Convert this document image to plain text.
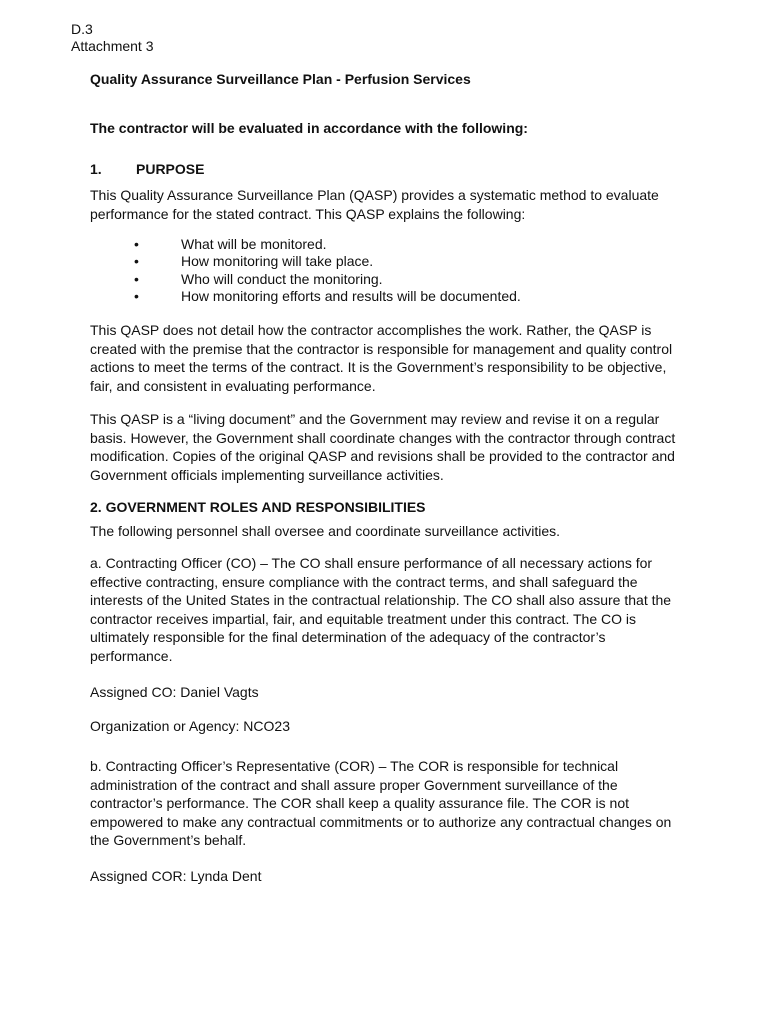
D.3
Attachment 3
Quality Assurance Surveillance Plan - Perfusion Services
The contractor will be evaluated in accordance with the following:
1. PURPOSE
This Quality Assurance Surveillance Plan (QASP) provides a systematic method to evaluate
performance for the stated contract. This QASP explains the following:
•	What will be monitored.
•	How monitoring will take place.
•	Who will conduct the monitoring.
•	How monitoring efforts and results will be documented.
This QASP does not detail how the contractor accomplishes the work. Rather, the QASP is
created with the premise that the contractor is responsible for management and quality control
actions to meet the terms of the contract. It is the Government’s responsibility to be objective,
fair, and consistent in evaluating performance.
This QASP is a “living document” and the Government may review and revise it on a regular
basis. However, the Government shall coordinate changes with the contractor through contract
modification. Copies of the original QASP and revisions shall be provided to the contractor and
Government officials implementing surveillance activities.
2. GOVERNMENT ROLES AND RESPONSIBILITIES
The following personnel shall oversee and coordinate surveillance activities.
a. Contracting Officer (CO) – The CO shall ensure performance of all necessary actions for
effective contracting, ensure compliance with the contract terms, and shall safeguard the
interests of the United States in the contractual relationship. The CO shall also assure that the
contractor receives impartial, fair, and equitable treatment under this contract. The CO is
ultimately responsible for the final determination of the adequacy of the contractor’s
performance.
Assigned CO: Daniel Vagts
Organization or Agency: NCO23
b. Contracting Officer’s Representative (COR) – The COR is responsible for technical
administration of the contract and shall assure proper Government surveillance of the
contractor’s performance. The COR shall keep a quality assurance file. The COR is not
empowered to make any contractual commitments or to authorize any contractual changes on
the Government’s behalf.
Assigned COR: Lynda Dent
